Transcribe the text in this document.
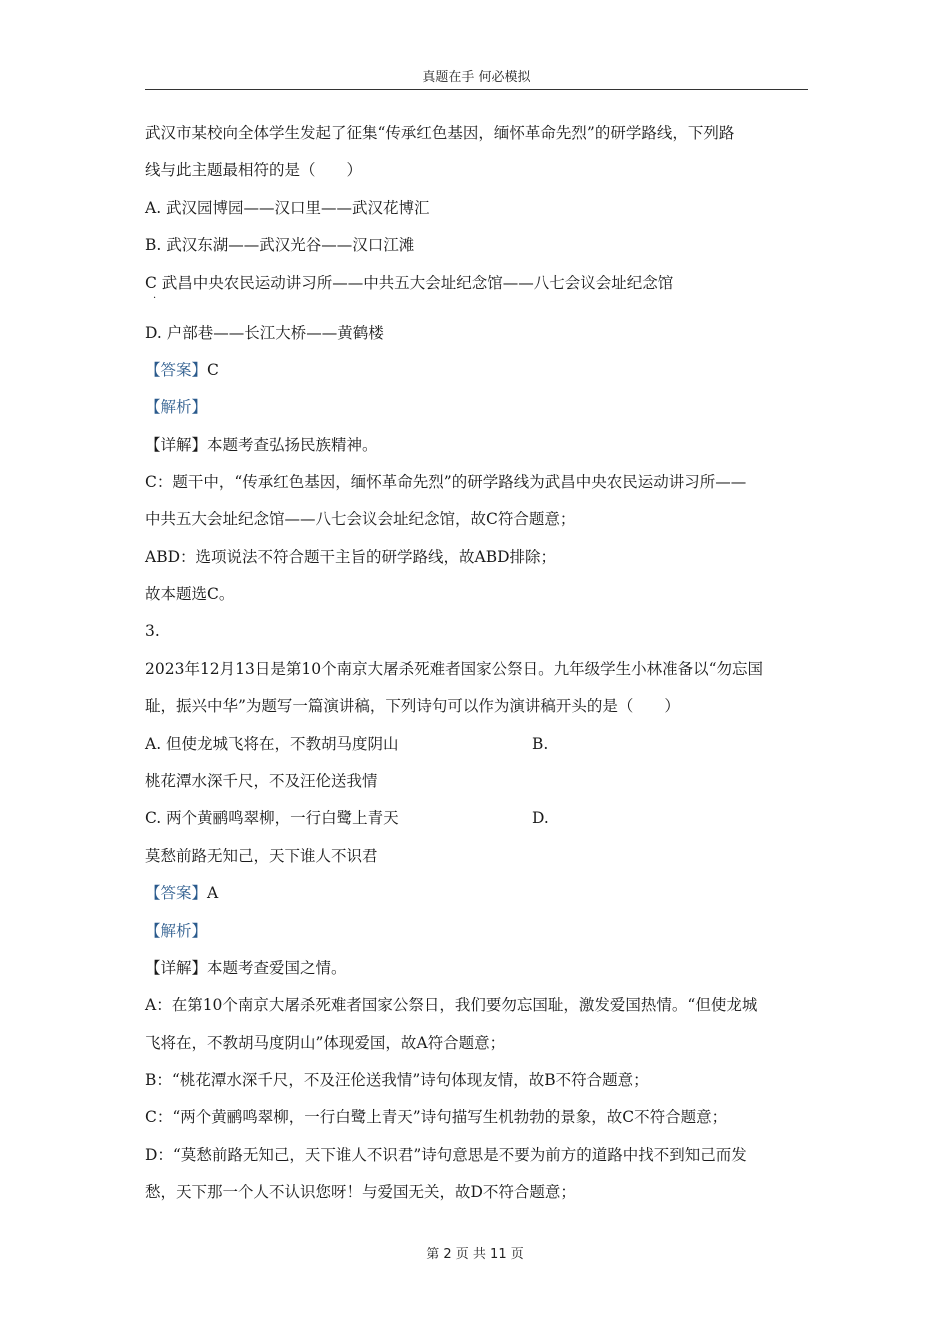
真题在手 何必模拟
武汉市某校向全体学生发起了征集“传承红色基因，缅怀革命先烈”的研学路线，下列路
线与此主题最相符的是（　　）
A. 武汉园博园——汉口里——武汉花博汇
B. 武汉东湖——武汉光谷——汉口江滩
C 武昌中央农民运动讲习所——中共五大会址纪念馆——八七会议会址纪念馆
·
D. 户部巷——长江大桥——黄鹤楼
【答案】C
【解析】
【详解】本题考查弘扬民族精神。
C：题干中，“传承红色基因，缅怀革命先烈”的研学路线为武昌中央农民运动讲习所——
中共五大会址纪念馆——八七会议会址纪念馆，故C符合题意；
ABD：选项说法不符合题干主旨的研学路线，故ABD排除；
故本题选C。
3.
2023年12月13日是第10个南京大屠杀死难者国家公祭日。九年级学生小林准备以“勿忘国
耻，振兴中华”为题写一篇演讲稿，下列诗句可以作为演讲稿开头的是（　　）
A. 但使龙城飞将在，不教胡马度阴山	B.
桃花潭水深千尺，不及汪伦送我情
C. 两个黄鹂鸣翠柳，一行白鹭上青天	D.
莫愁前路无知己，天下谁人不识君
【答案】A
【解析】
【详解】本题考查爱国之情。
A：在第10个南京大屠杀死难者国家公祭日，我们要勿忘国耻，激发爱国热情。“但使龙城
飞将在，不教胡马度阴山”体现爱国，故A符合题意；
B：“桃花潭水深千尺，不及汪伦送我情”诗句体现友情，故B不符合题意；
C：“两个黄鹂鸣翠柳，一行白鹭上青天”诗句描写生机勃勃的景象，故C不符合题意；
D：“莫愁前路无知己，天下谁人不识君”诗句意思是不要为前方的道路中找不到知己而发
愁，天下那一个人不认识您呀！与爱国无关，故D不符合题意；
第 2 页 共 11 页
